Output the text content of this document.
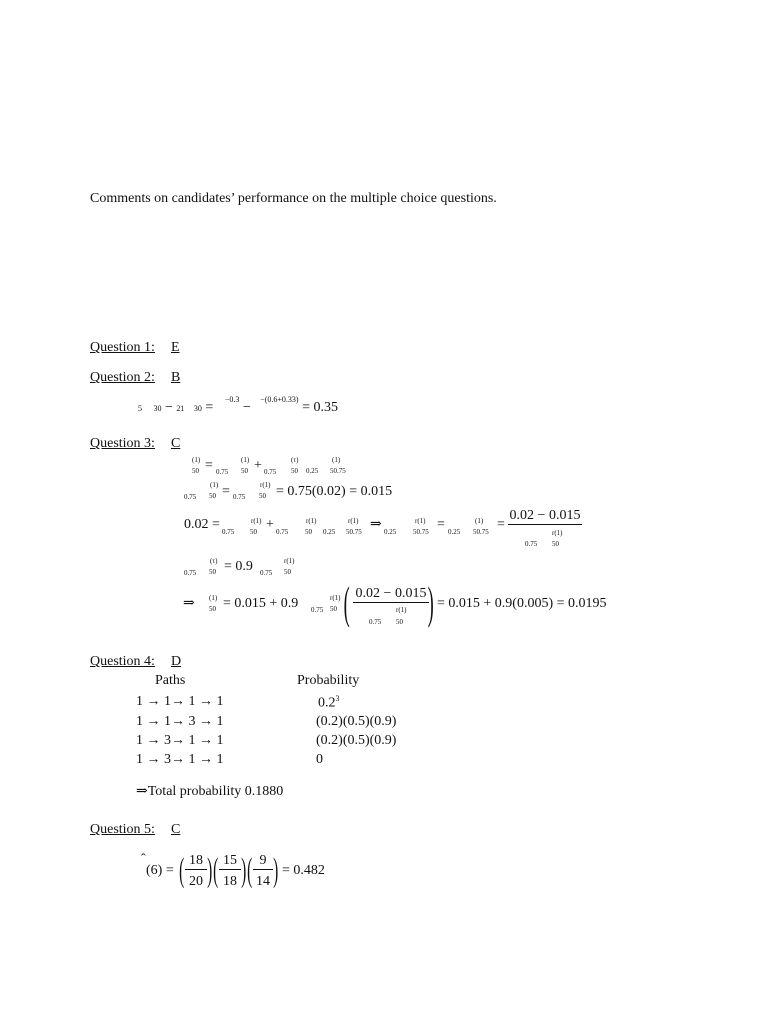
Comments on candidates’ performance on the multiple choice questions.
Question 1: E
Question 2: B
5 30 − 21 30 = $^{-0.3}$ − $^{-(0.6+0.33)}$ = 0.35
Question 3: C
(1)
50 = 0.75
(1)
50 + 0.75
(τ)
50 0.25
(1)
50.75
0.75
(1)
50 = 0.75
r(1)
50 = 0.75(0.02) = 0.015
0.02 = 0.75
r(1)
50 + 0.75
r(1)
50 0.25
r(1)
50.75 ⇒ 0.25
r(1)
50.75 = 0.25
(1)
50.75 =
0.02 − 0.015
r(1)
0.75 50
0.75
(τ)
50 = 0.9 0.75
r(1)
50
⇒ (1)
50 = 0.015 + 0.9 0.75
r(1)
50 ( 0.02 − 0.015
r(1)
0.75 50 ) = 0.015 + 0.9(0.005) = 0.0195
Question 4: D
Paths	Probability
1 → 1→ 1 → 1	$0.2^3$
1 → 1→ 3 → 1	(0.2)(0.5)(0.9)
1 → 3→ 1 → 1	(0.2)(0.5)(0.9)
1 → 3→ 1 → 1	0
⇒Total probability 0.1880
Question 5: C
ˆ
(6) = ( 18
20 ) ( 15
18 ) ( 9
14 ) = 0.482
